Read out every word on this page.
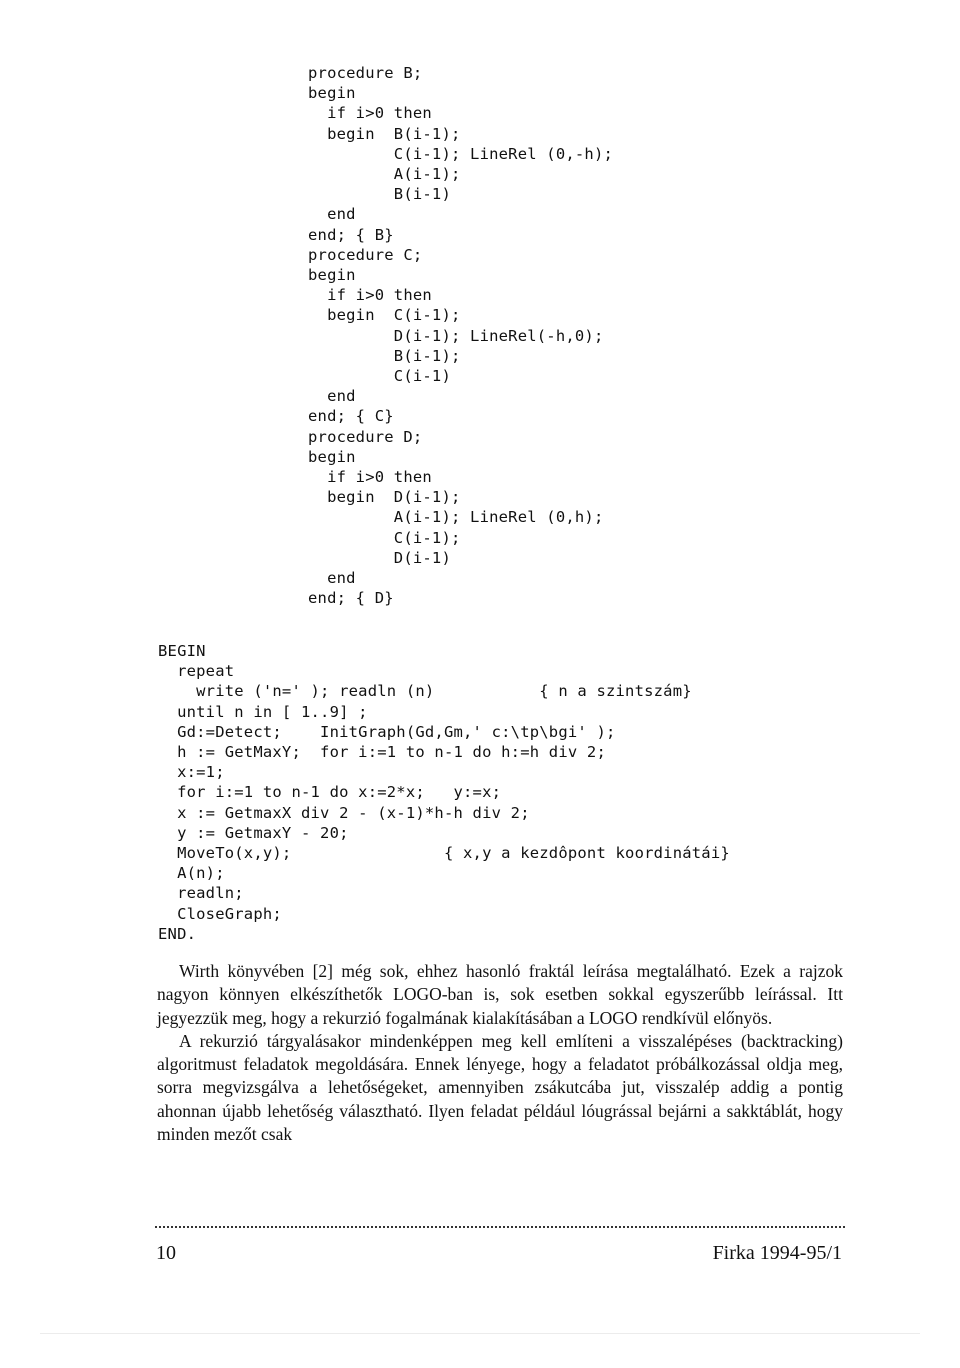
procedure B;
begin
if i>0 then
begin  B(i-1);
C(i-1); LineRel (0,-h);
A(i-1);
B(i-1)
end
end; { B}
procedure C;
begin
if i>0 then
begin  C(i-1);
D(i-1); LineRel(-h,0);
B(i-1);
C(i-1)
end
end; { C}
procedure D;
begin
if i>0 then
begin  D(i-1);
A(i-1); LineRel (0,h);
C(i-1);
D(i-1)
end
end; { D}
BEGIN
repeat
write ('n=' ); readln (n)           { n a szintszám}
until n in [ 1..9] ;
Gd:=Detect;    InitGraph(Gd,Gm,' c:\tp\bgi' );
h := GetMaxY;  for i:=1 to n-1 do h:=h div 2;
x:=1;
for i:=1 to n-1 do x:=2*x;   y:=x;
x := GetmaxX div 2 - (x-1)*h-h div 2;
y := GetmaxY - 20;
MoveTo(x,y);                { x,y a kezdôpont koordinátái}
A(n);
readln;
CloseGraph;
END.

Wirth könyvében [2] még sok, ehhez hasonló fraktál leírása megtalálható. Ezek a rajzok nagyon könnyen elkészíthetők LOGO-ban is, sok esetben sokkal egyszerűbb leírással. Itt jegyezzük meg, hogy a rekurzió fogalmának kialakításában a LOGO rendkívül előnyös.

A rekurzió tárgyalásakor mindenképpen meg kell említeni a visszalépéses (backtracking) algoritmust feladatok megoldására. Ennek lényege, hogy a feladatot próbálkozással oldja meg, sorra megvizsgálva a lehetőségeket, amennyiben zsákutcába jut, visszalép addig a pontig ahonnan újabb lehetőség választható. Ilyen feladat például lóugrással bejárni a sakktáblát, hogy minden mezőt csak

10	Firka 1994-95/1
